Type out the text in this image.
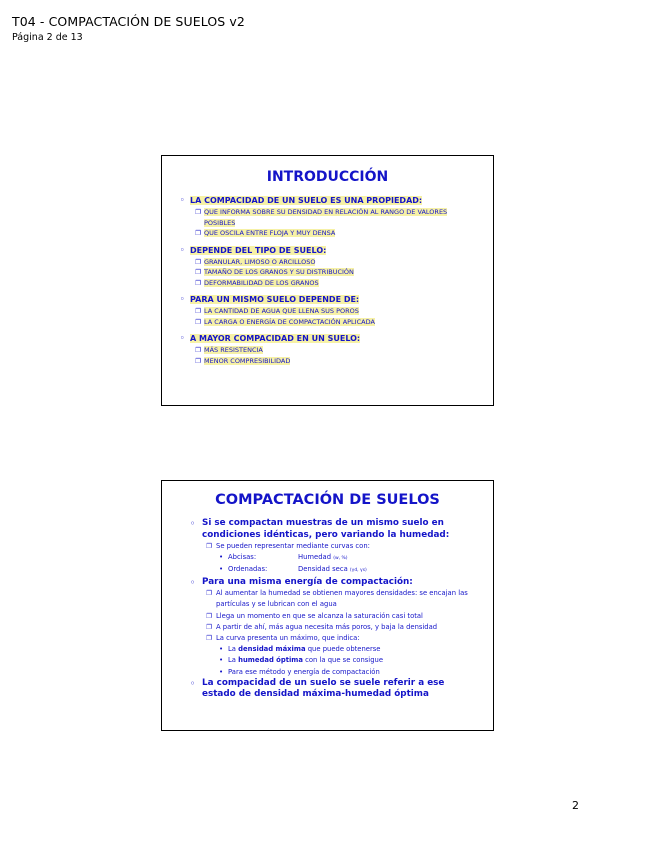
T04 - COMPACTACIÓN DE SUELOS v2
Página 2 de 13
INTRODUCCIÓN
◦ LA COMPACIDAD DE UN SUELO ES UNA PROPIEDAD:
❐ QUE INFORMA SOBRE SU DENSIDAD EN RELACIÓN AL RANGO DE VALORES POSIBLES
❐ QUE OSCILA ENTRE FLOJA Y MUY DENSA
◦ DEPENDE DEL TIPO DE SUELO:
❐ GRANULAR, LIMOSO O ARCILLOSO
❐ TAMAÑO DE LOS GRANOS Y SU DISTRIBUCIÓN
❐ DEFORMABILIDAD DE LOS GRANOS
◦ PARA UN MISMO SUELO DEPENDE DE:
❐ LA CANTIDAD DE AGUA QUE LLENA SUS POROS
❐ LA CARGA O ENERGÍA DE COMPACTACIÓN APLICADA
◦ A MAYOR COMPACIDAD EN UN SUELO:
❐ MÁS RESISTENCIA
❐ MENOR COMPRESIBILIDAD
COMPACTACIÓN DE SUELOS
◦ Si se compactan muestras de un mismo suelo en condiciones idénticas, pero variando la humedad:
❐ Se pueden representar mediante curvas con:
• Abcisas:	Humedad (w, %)
• Ordenadas:	Densidad seca (γd, γs)
◦ Para una misma energía de compactación:
❐ Al aumentar la humedad se obtienen mayores densidades: se encajan las partículas y se lubrican con el agua
❐ Llega un momento en que se alcanza la saturación casi total
❐ A partir de ahí, más agua necesita más poros, y baja la densidad
❐ La curva presenta un máximo, que indica:
• La densidad máxima que puede obtenerse
• La humedad óptima con la que se consigue
• Para ese método y energía de compactación
◦ La compacidad de un suelo se suele referir a ese estado de densidad máxima-humedad óptima
2
